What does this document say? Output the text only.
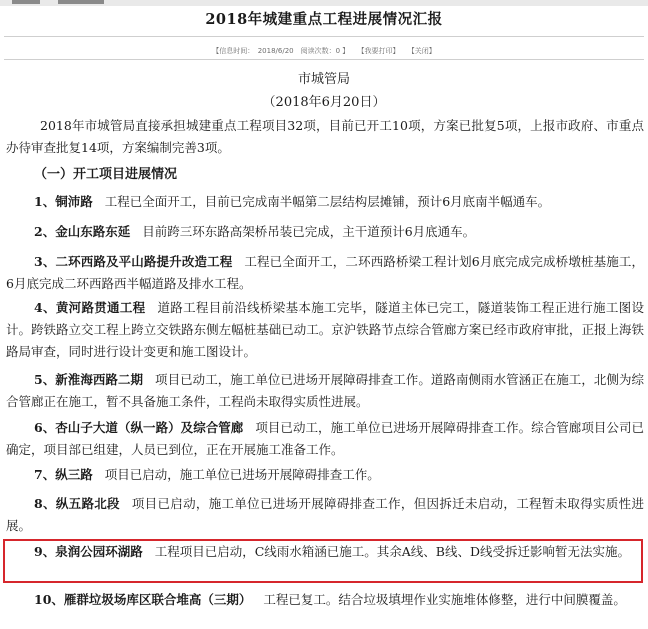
2018年城建重点工程进展情况汇报
【信息时间：　2018/6/20　阅读次数：0 】 【我要打印】 【关闭】
市城管局
（2018年6月20日）

2018年市城管局直接承担城建重点工程项目32项，目前已开工10项，方案已批复5项，上报市政府、市重点办待审查批复14项，方案编制完善3项。

（一）开工项目进展情况

1、铜沛路 工程已全面开工，目前已完成南半幅第二层结构层摊铺，预计6月底南半幅通车。

2、金山东路东延 目前跨三环东路高架桥吊装已完成，主干道预计6月底通车。

3、二环西路及平山路提升改造工程 工程已全面开工，二环西路桥梁工程计划6月底完成完成桥墩桩基施工，6月底完成二环西路西半幅道路及排水工程。

4、黄河路贯通工程 道路工程目前沿线桥梁基本施工完毕，隧道主体已完工，隧道装饰工程正进行施工图设计。跨铁路立交工程上跨立交铁路东侧左幅桩基础已动工。京沪铁路节点综合管廊方案已经市政府审批，正报上海铁路局审查，同时进行设计变更和施工图设计。

5、新淮海西路二期 项目已动工，施工单位已进场开展障碍排查工作。道路南侧雨水管涵正在施工，北侧为综合管廊正在施工，暂不具备施工条件，工程尚未取得实质性进展。

6、杏山子大道（纵一路）及综合管廊 项目已动工，施工单位已进场开展障碍排查工作。综合管廊项目公司已确定，项目部已组建，人员已到位，正在开展施工准备工作。

7、纵三路 项目已启动，施工单位已进场开展障碍排查工作。

8、纵五路北段 项目已启动，施工单位已进场开展障碍排查工作，但因拆迁未启动，工程暂未取得实质性进展。

9、泉润公园环湖路 工程项目已启动，C线雨水箱涵已施工。其余A线、B线、D线受拆迁影响暂无法实施。

10、雁群垃圾场库区联合堆高（三期） 工程已复工。结合垃圾填埋作业实施堆体修整，进行中间膜覆盖。
